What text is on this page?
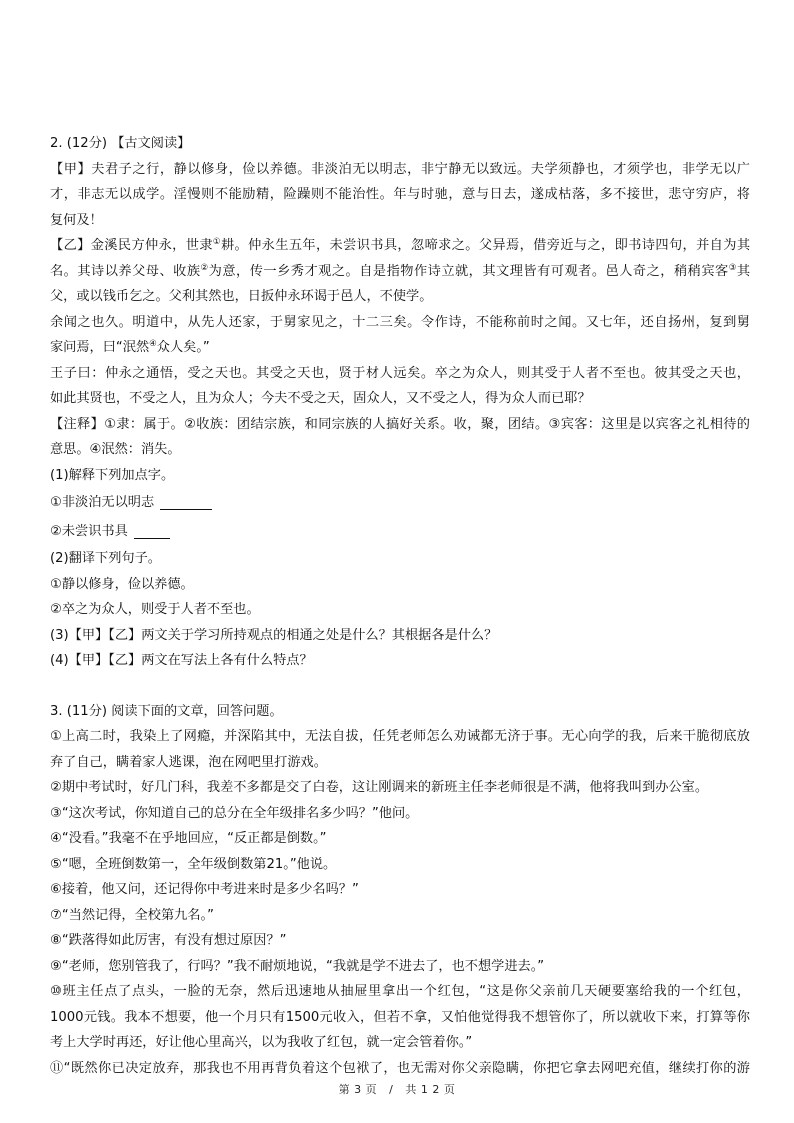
2. (12分) 【古文阅读】

【甲】夫君子之行，静以修身，俭以养德。非淡泊无以明志，非宁静无以致远。夫学须静也，才须学也，非学无以广

才，非志无以成学。淫慢则不能励精，险躁则不能治性。年与时驰，意与日去，遂成枯落，多不接世，悲守穷庐，将

复何及！

【乙】金溪民方仲永，世隶①耕。仲永生五年，未尝识书具，忽啼求之。父异焉，借旁近与之，即书诗四句，并自为其

名。其诗以养父母、收族②为意，传一乡秀才观之。自是指物作诗立就，其文理皆有可观者。邑人奇之，稍稍宾客③其

父，或以钱币乞之。父利其然也，日扳仲永环谒于邑人，不使学。

余闻之也久。明道中，从先人还家，于舅家见之，十二三矣。令作诗，不能称前时之闻。又七年，还自扬州，复到舅

家问焉，曰“泯然④众人矣。”

王子曰：仲永之通悟，受之天也。其受之天也，贤于材人远矣。卒之为众人，则其受于人者不至也。彼其受之天也，

如此其贤也，不受之人，且为众人；今夫不受之天，固众人，又不受之人，得为众人而已耶？

【注释】①隶：属于。②收族：团结宗族，和同宗族的人搞好关系。收，聚，团结。③宾客：这里是以宾客之礼相待的

意思。④泯然：消失。

(1)解释下列加点字。

①非淡泊无以明志
②未尝识书具

(2)翻译下列句子。

①静以修身，俭以养德。

②卒之为众人，则受于人者不至也。

(3)【甲】【乙】两文关于学习所持观点的相通之处是什么？其根据各是什么？

(4)【甲】【乙】两文在写法上各有什么特点？

3. (11分) 阅读下面的文章，回答问题。

①上高二时，我染上了网瘾，并深陷其中，无法自拔，任凭老师怎么劝诫都无济于事。无心向学的我，后来干脆彻底放

弃了自己，瞒着家人逃课，泡在网吧里打游戏。

②期中考试时，好几门科，我差不多都是交了白卷，这让刚调来的新班主任李老师很是不满，他将我叫到办公室。

③“这次考试，你知道自己的总分在全年级排名多少吗？”他问。

④“没看。”我毫不在乎地回应，“反正都是倒数。”

⑤“嗯，全班倒数第一，全年级倒数第21。”他说。

⑥接着，他又问，还记得你中考进来时是多少名吗？”

⑦“当然记得，全校第九名。”

⑧“跌落得如此厉害，有没有想过原因？”

⑨“老师，您别管我了，行吗？”我不耐烦地说，“我就是学不进去了，也不想学进去。”

⑩班主任点了点头，一脸的无奈，然后迅速地从抽屉里拿出一个红包，“这是你父亲前几天硬要塞给我的一个红包，

1000元钱。我本不想要，他一个月只有1500元收入，但若不拿，又怕他觉得我不想管你了，所以就收下来，打算等你

考上大学时再还，好让他心里高兴，以为我收了红包，就一定会管着你。”

⑪“既然你已决定放弃，那我也不用再背负着这个包袱了，也无需对你父亲隐瞒，你把它拿去网吧充值，继续打你的游

第 3 页   /   共 1 2 页
